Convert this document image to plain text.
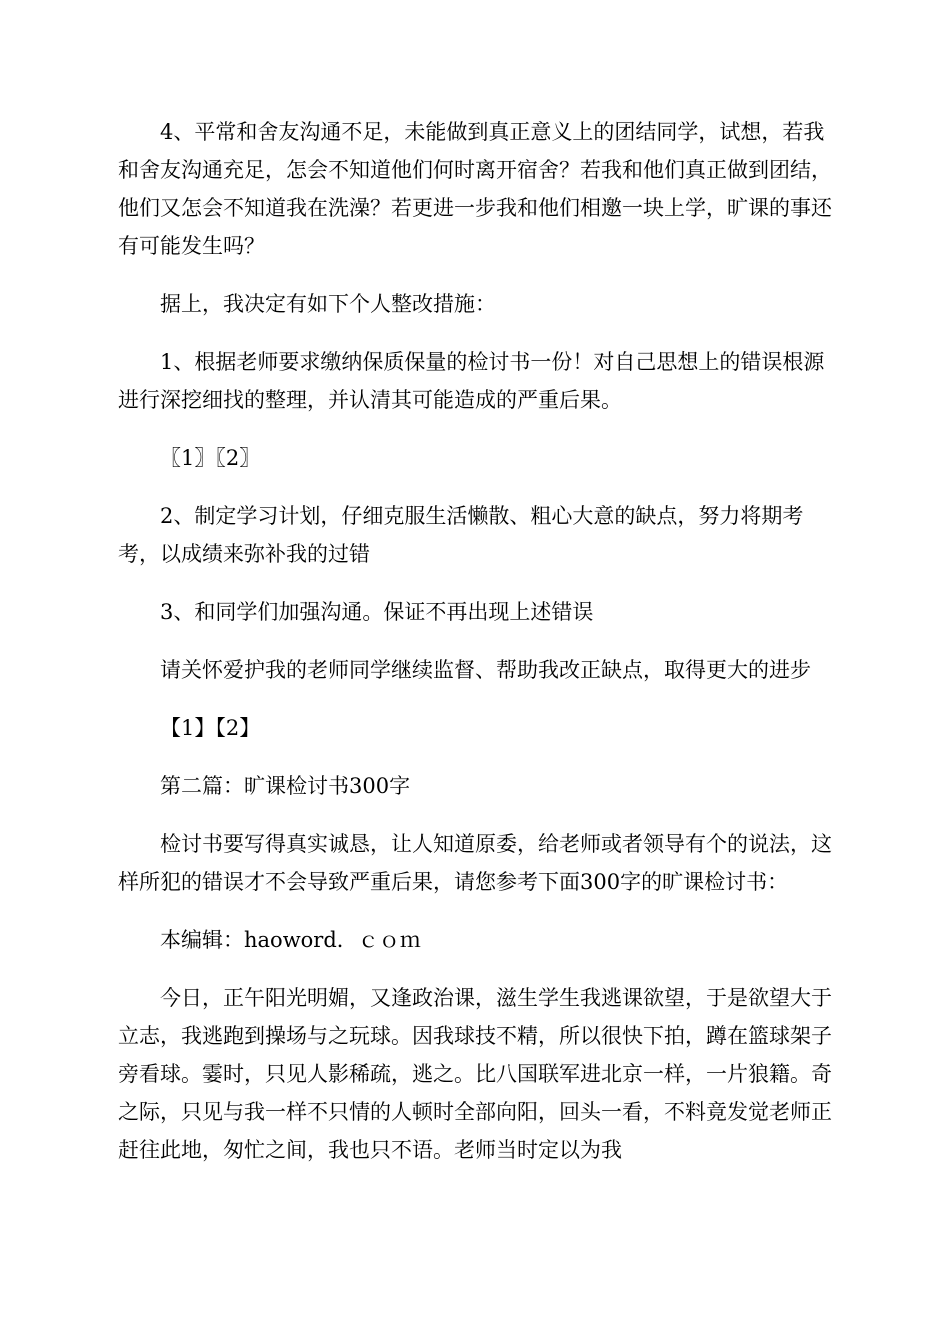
4、平常和舍友沟通不足，未能做到真正意义上的团结同学，试想，若我和舍友沟通充足，怎会不知道他们何时离开宿舍？若我和他们真正做到团结，他们又怎会不知道我在洗澡？若更进一步我和他们相邀一块上学，旷课的事还有可能发生吗？

据上，我决定有如下个人整改措施：

1、根据老师要求缴纳保质保量的检讨书一份！对自己思想上的错误根源进行深挖细找的整理，并认清其可能造成的严重后果。

〖1〗〖2〗

2、制定学习计划，仔细克服生活懒散、粗心大意的缺点，努力将期考考，以成绩来弥补我的过错

3、和同学们加强沟通。保证不再出现上述错误

请关怀爱护我的老师同学继续监督、帮助我改正缺点，取得更大的进步

【1】【2】

第二篇：旷课检讨书300字

检讨书要写得真实诚恳，让人知道原委，给老师或者领导有个的说法，这样所犯的错误才不会导致严重后果，请您参考下面300字的旷课检讨书：

本编辑：haoword．ｃｏｍ

今日，正午阳光明媚，又逢政治课，滋生学生我逃课欲望，于是欲望大于立志，我逃跑到操场与之玩球。因我球技不精，所以很快下拍，蹲在篮球架子旁看球。霎时，只见人影稀疏，逃之。比八国联军进北京一样，一片狼籍。奇之际，只见与我一样不只情的人顿时全部向阳，回头一看，不料竟发觉老师正赶往此地，匆忙之间，我也只不语。老师当时定以为我
